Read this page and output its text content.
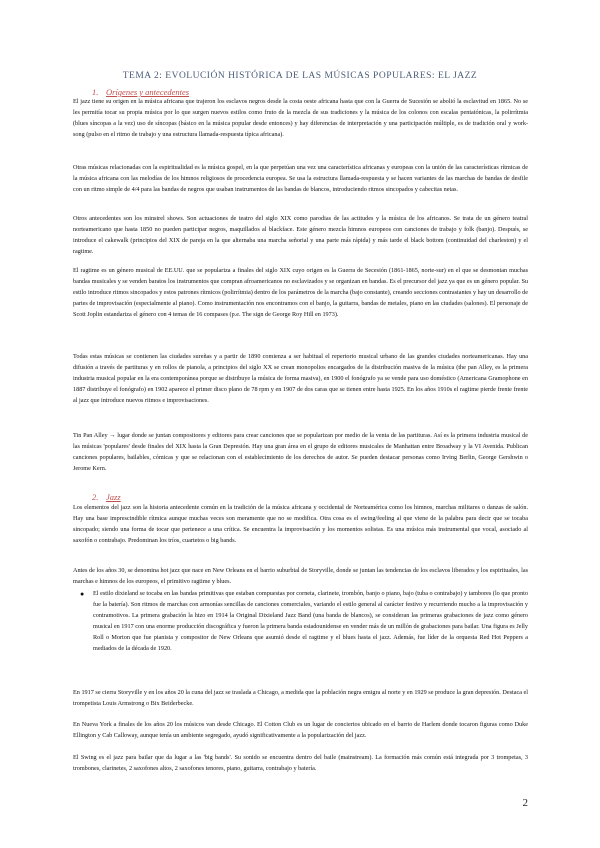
TEMA 2: EVOLUCIÓN HISTÓRICA DE LAS MÚSICAS POPULARES: EL JAZZ
1. Orígenes y antecedentes

El jazz tiene su origen en la música africana que trajeron los esclavos negros desde la costa oeste africana hasta que con la Guerra de Sucesión se abolió la esclavitud en 1865. No se les permitía tocar su propia música por lo que surgen nuevos estilos como fruto de la mezcla de sus tradiciones y la música de los colonos con escalas pentatónicas, la polirrítmia (blues síncopas a la vez) uso de síncopas (básico en la música popular desde entonces) y hay diferencias de interpretación y una participación múltiple, es de tradición oral y work-song (pulso en el ritmo de trabajo y una estructura llamada-respuesta típica africana).

Otras músicas relacionadas con la espiritualidad es la música gospel, en la que perpetúan una vez una característica africanas y europeas con la unión de las características rítmicas de la música africana con las melodías de los himnos religiosos de procedencia europea. Se usa la estructura llamada-respuesta y se hacen variantes de las marchas de bandas de desfile con un ritmo simple de 4/4 para las bandas de negros que usaban instrumentos de las bandas de blancos, introduciendo ritmos sincopados y cabecitas netas.

Otros antecedentes son los minstrel shows. Son actuaciones de teatro del siglo XIX como parodias de las actitudes y la música de los africanos. Se trata de un género teatral norteamericano que hasta 1850 no pueden participar negros, maquillados al blackface. Este género mezcla himnos europeos con canciones de trabajo y folk (banjo). Después, se introduce el cakewalk (principios del XIX de pareja en la que alternaba una marcha señorial y una parte más rápida) y más tarde el black bottom (continuidad del charleston) y el ragtime.

El ragtime es un género musical de EE.UU. que se populariza a finales del siglo XIX cuyo origen es la Guerra de Secesión (1861-1865, norte-sur) en el que se desmontan muchas bandas musicales y se venden baratos los instrumentos que compran afroamericanos no esclavizados y se organizan en bandas. Es el precursor del jazz ya que es un género popular. Su estilo introduce ritmos sincopados y estos patrones rítmicos (polirrítmia) dentro de los parámetros de la marcha (bajo constante), creando secciones contrastantes y hay un desarrollo de partes de improvisación (especialmente al piano). Como instrumentación nos encontramos con el banjo, la guitarra, bandas de metales, piano en las ciudades (salones). El personaje de Scott Joplin estandariza el género con 4 temas de 16 compases (p.e. The sign de George Roy Hill en 1973).

Todas estas músicas se contienen las ciudades sureñas y a partir de 1890 comienza a ser habitual el repertorio musical urbano de las grandes ciudades norteamericanas. Hay una difusión a través de partituras y en rollos de pianola, a principios del siglo XX se crean monopolios encargados de la distribución masiva de la música (the pan Alley, es la primera industria musical popular en la era contemporánea porque se distribuye la música de forma masiva), en 1900 el fonógrafo ya se vende para uso doméstico (Americana Gramophone en 1887 distribuye el fonógrafo) en 1902 aparece el primer disco plano de 78 rpm y en 1907 de dos caras que se tienen entre hasta 1925. En los años 1910s el ragtime pierde frente frente al jazz que introduce nuevos ritmos e improvisaciones.

Tin Pan Alley → lugar donde se juntan compositores y editores para crear canciones que se popularizan por medio de la venta de las partituras. Así es la primera industria musical de las músicas 'populares' desde finales del XIX hasta la Gran Depresión. Hay una gran área en el grupo de editores musicales de Manhattan entre Broadway y la VI Avenida. Publican canciones populares, bailables, cómicas y que se relacionan con el establecimiento de los derechos de autor. Se pueden destacar personas como Irving Berlin, George Gershwin o Jerome Kern.

2. Jazz

Los elementos del jazz son la historia antecedente común en la tradición de la música africana y occidental de Norteamérica como los himnos, marchas militares o danzas de salón. Hay una base imprescindible rítmica aunque muchas veces son meramente que no se modifica. Otra cosa es el swing/feeling al que viene de la palabra para decir que se tocaba sincopado; siendo una forma de tocar que pertenece a una crítica. Se encuentra la improvisación y los momentos solistas. Es una música más instrumental que vocal, asociado al saxofón o contrabajo. Predominan los tríos, cuartetos o big bands.

Antes de los años 30, se denomina hot jazz que nace en New Orleans en el barrio suburbial de Storyville, donde se juntan las tendencias de los esclavos liberados y los espirituales, las marchas e himnos de los europeos, el primitivo ragtime y blues.

● El estilo dixieland se tocaba en las bandas primitivas que estaban compuestas por corneta, clarinete, trombón, banjo o piano, bajo (tuba o contrabajo) y tambores (lo que pronto fue la batería). Son ritmos de marchas con armonías sencillas de canciones comerciales, variando el estilo general al carácter festivo y recurriendo mucho a la improvisación y contramotivos. La primera grabación la hizo en 1914 la Original Dixieland Jazz Band (una banda de blancos), se consideran las primeras grabaciones de jazz como género musical en 1917 con una enorme producción discográfica y fueron la primera banda estadounidense en vender más de un millón de grabaciones para bailar. Una figura es Jelly Roll o Morton que fue pianista y compositor de New Orleans que asumió desde el ragtime y el blues hasta el jazz. Además, fue líder de la orquesta Red Hot Peppers a mediados de la década de 1920.

En 1917 se cierra Storyville y en los años 20 la cuna del jazz se traslada a Chicago, a medida que la población negra emigra al norte y en 1929 se produce la gran depresión. Destaca el trompetista Louis Armstrong o Bix Beiderbecke.

En Nueva York a finales de los años 20 los músicos van desde Chicago. El Cotton Club es un lugar de conciertos ubicado en el barrio de Harlem donde tocaron figuras como Duke Ellington y Cab Calloway, aunque tenía un ambiente segregado, ayudó significativamente a la popularización del jazz.

El Swing es el jazz para bailar que da lugar a las 'big bands'. Su sonido se encuentra dentro del baile (mainstream). La formación más común está integrada por 3 trompetas, 3 trombones, clarinetes, 2 saxofones altos, 2 saxofones tenores, piano, guitarra, contrabajo y batería.

2
